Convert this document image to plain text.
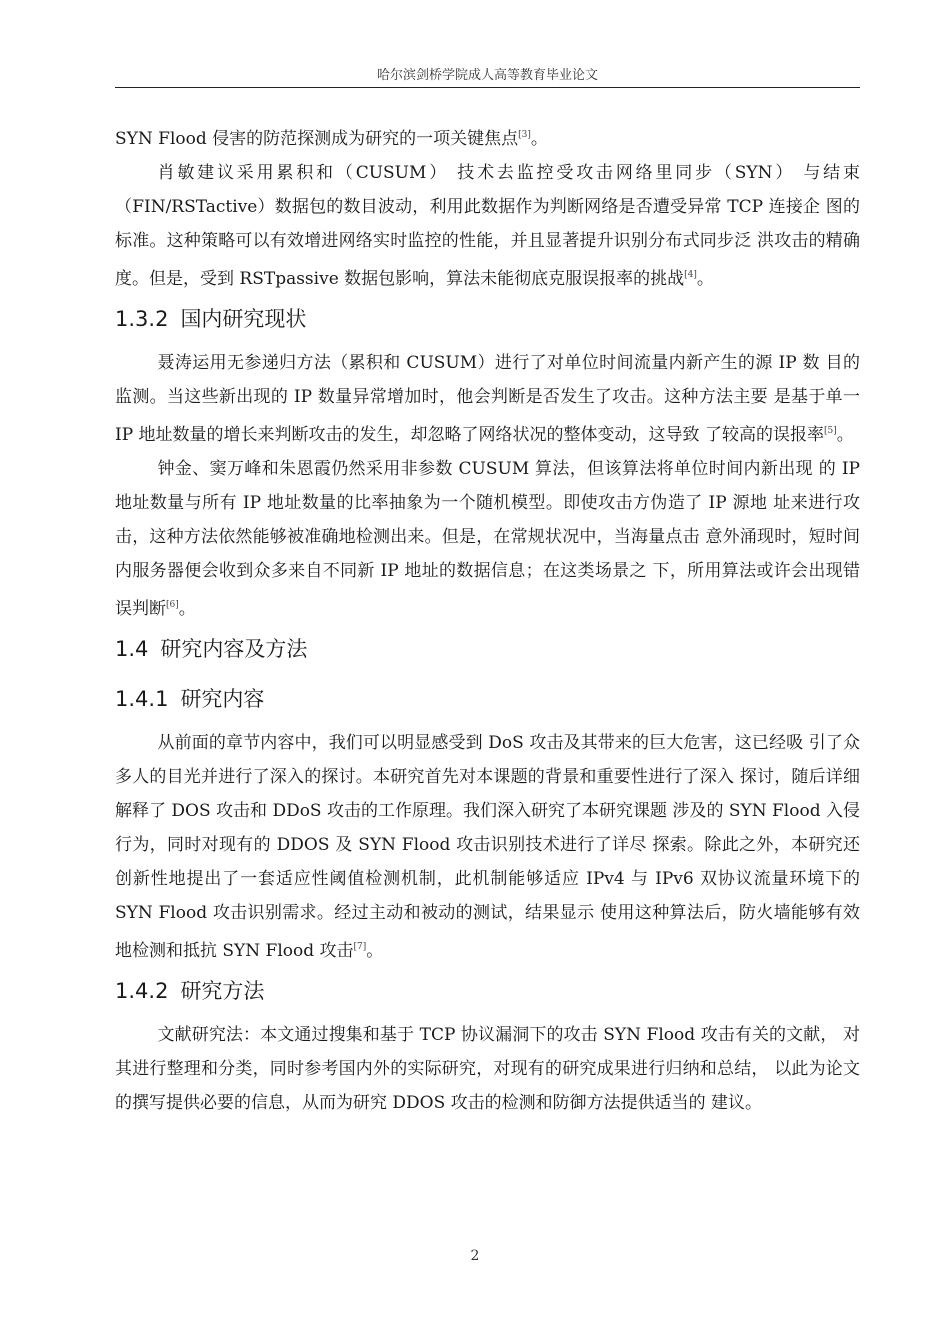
哈尔滨剑桥学院成人高等教育毕业论文

SYN Flood 侵害的防范探测成为研究的一项关键焦点[3]。

肖敏建议采用累积和（CUSUM） 技术去监控受攻击网络里同步（SYN） 与结束 （FIN/RSTactive）数据包的数目波动，利用此数据作为判断网络是否遭受异常 TCP 连接企 图的标准。这种策略可以有效增进网络实时监控的性能，并且显著提升识别分布式同步泛 洪攻击的精确度。但是，受到 RSTpassive 数据包影响，算法未能彻底克服误报率的挑战[4]。

1.3.2 国内研究现状

聂涛运用无参递归方法（累积和 CUSUM）进行了对单位时间流量内新产生的源 IP 数 目的监测。当这些新出现的 IP 数量异常增加时，他会判断是否发生了攻击。这种方法主要 是基于单一 IP 地址数量的增长来判断攻击的发生，却忽略了网络状况的整体变动，这导致 了较高的误报率[5]。

钟金、窦万峰和朱恩霞仍然采用非参数 CUSUM 算法，但该算法将单位时间内新出现 的 IP 地址数量与所有 IP 地址数量的比率抽象为一个随机模型。即使攻击方伪造了 IP 源地 址来进行攻击，这种方法依然能够被准确地检测出来。但是，在常规状况中，当海量点击 意外涌现时，短时间内服务器便会收到众多来自不同新 IP 地址的数据信息；在这类场景之 下，所用算法或许会出现错误判断[6]。

1.4 研究内容及方法
1.4.1 研究内容

从前面的章节内容中，我们可以明显感受到 DoS 攻击及其带来的巨大危害，这已经吸 引了众多人的目光并进行了深入的探讨。本研究首先对本课题的背景和重要性进行了深入 探讨，随后详细解释了 DOS 攻击和 DDoS 攻击的工作原理。我们深入研究了本研究课题 涉及的 SYN Flood 入侵行为，同时对现有的 DDOS 及 SYN Flood 攻击识别技术进行了详尽 探索。除此之外，本研究还创新性地提出了一套适应性阈值检测机制，此机制能够适应 IPv4 与 IPv6 双协议流量环境下的 SYN Flood 攻击识别需求。经过主动和被动的测试，结果显示 使用这种算法后，防火墙能够有效地检测和抵抗 SYN Flood 攻击[7]。

1.4.2 研究方法

文献研究法：本文通过搜集和基于 TCP 协议漏洞下的攻击 SYN Flood 攻击有关的文献， 对其进行整理和分类，同时参考国内外的实际研究，对现有的研究成果进行归纳和总结， 以此为论文的撰写提供必要的信息，从而为研究 DDOS 攻击的检测和防御方法提供适当的 建议。

2
